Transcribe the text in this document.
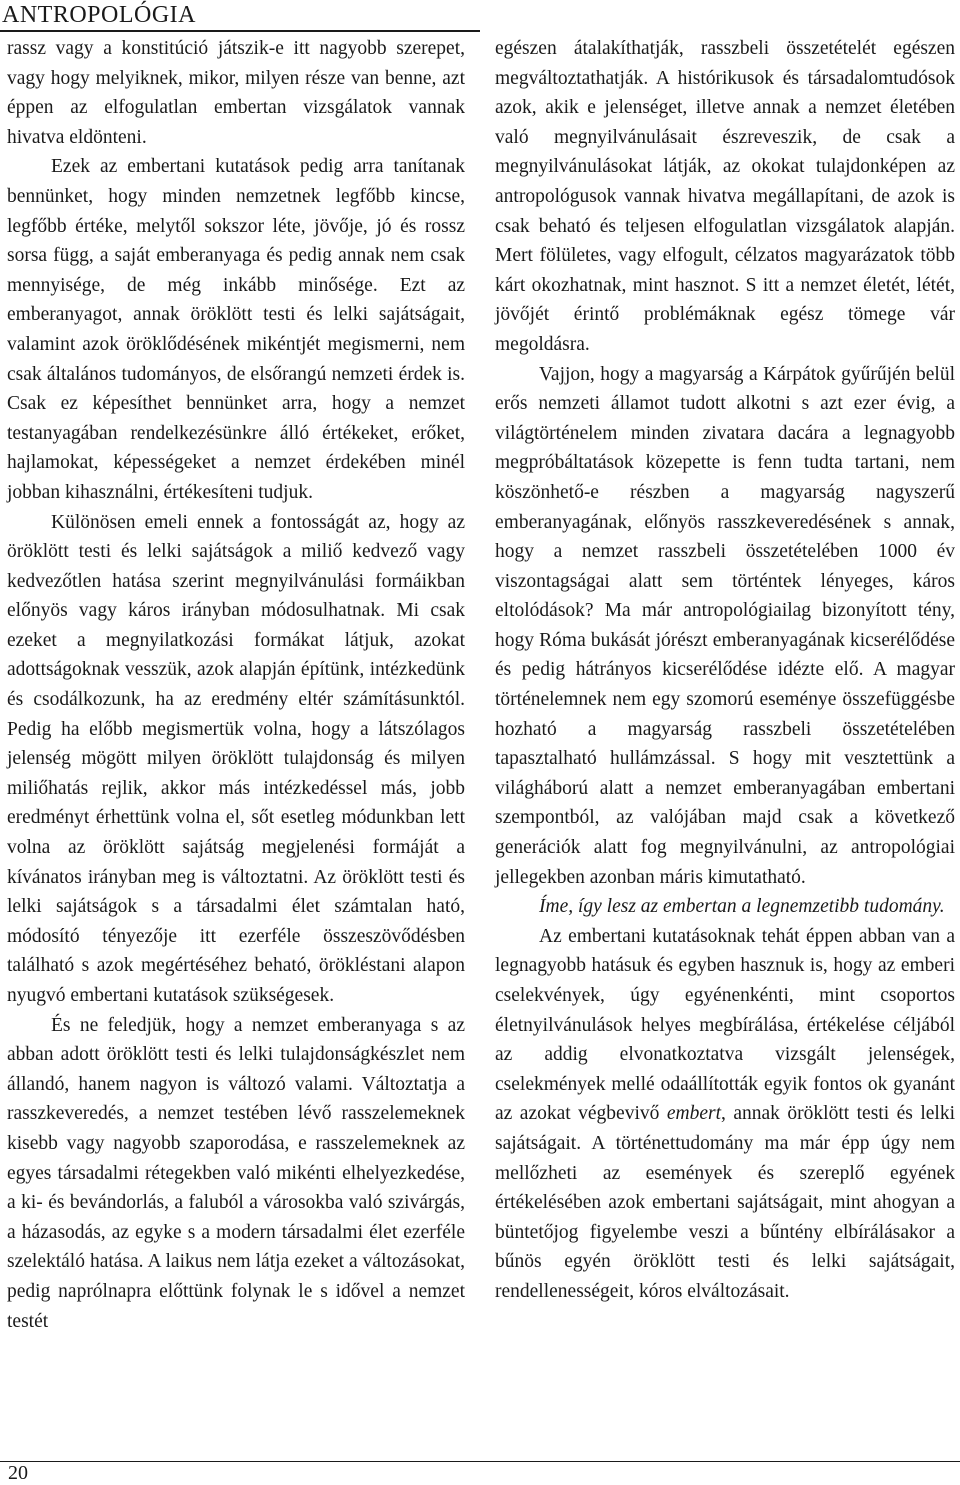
ANTROPOLÓGIA

rassz vagy a konstitúció játszik-e itt nagyobb szerepet, vagy hogy melyiknek, mikor, milyen része van benne, azt éppen az elfogulatlan embertan vizsgálatok vannak hivatva eldönteni.

Ezek az embertani kutatások pedig arra tanítanak bennünket, hogy minden nemzetnek legfőbb kincse, legfőbb értéke, melytől sokszor léte, jövője, jó és rossz sorsa függ, a saját emberanyaga és pedig annak nem csak mennyisége, de még inkább minősége. Ezt az emberanyagot, annak öröklött testi és lelki sajátságait, valamint azok öröklődésének mikéntjét megismerni, nem csak általános tudományos, de elsőrangú nemzeti érdek is. Csak ez képesíthet bennünket arra, hogy a nemzet testanyagában rendelkezésünkre álló értékeket, erőket, hajlamokat, képességeket a nemzet érdekében minél jobban kihasználni, értékesíteni tudjuk.

Különösen emeli ennek a fontosságát az, hogy az öröklött testi és lelki sajátságok a miliő kedvező vagy kedvezőtlen hatása szerint megnyilvánulási formáikban előnyös vagy káros irányban módosulhatnak. Mi csak ezeket a megnyilatkozási formákat látjuk, azokat adottságoknak vesszük, azok alapján építünk, intézkedünk és csodálkozunk, ha az eredmény eltér számításunktól. Pedig ha előbb megismertük volna, hogy a látszólagos jelenség mögött milyen öröklött tulajdonság és milyen miliőhatás rejlik, akkor más intézkedéssel más, jobb eredményt érhettünk volna el, sőt esetleg módunkban lett volna az öröklött sajátság megjelenési formáját a kívánatos irányban meg is változtatni. Az öröklött testi és lelki sajátságok s a társadalmi élet számtalan ható, módosító tényezője itt ezerféle összeszövődésben található s azok megértéséhez beható, örökléstani alapon nyugvó embertani kutatások szükségesek.

És ne feledjük, hogy a nemzet emberanyaga s az abban adott öröklött testi és lelki tulajdonságkészlet nem állandó, hanem nagyon is változó valami. Változtatja a rasszkeveredés, a nemzet testében lévő rasszelemeknek kisebb vagy nagyobb szaporodása, e rasszelemeknek az egyes társadalmi rétegekben való mikénti elhelyezkedése, a ki- és bevándorlás, a faluból a városokba való szivárgás, a házasodás, az egyke s a modern társadalmi élet ezerféle szelektáló hatása. A laikus nem látja ezeket a változásokat, pedig naprólnapra előttünk folynak le s idővel a nemzet testét

egészen átalakíthatják, rasszbeli összetételét egészen megváltoztathatják. A histórikusok és társadalomtudósok azok, akik e jelenséget, illetve annak a nemzet életében való megnyilvánulásait észreveszik, de csak a megnyilvánulásokat látják, az okokat tulajdonképen az antropológusok vannak hivatva megállapítani, de azok is csak beható és teljesen elfogulatlan vizsgálatok alapján. Mert fölületes, vagy elfogult, célzatos magyarázatok több kárt okozhatnak, mint hasznot. S itt a nemzet életét, létét, jövőjét érintő problémáknak egész tömege vár megoldásra.

Vajjon, hogy a magyarság a Kárpátok gyűrűjén belül erős nemzeti államot tudott alkotni s azt ezer évig, a világtörténelem minden zivatara dacára a legnagyobb megpróbáltatások közepette is fenn tudta tartani, nem köszönhető-e részben a magyarság nagyszerű emberanyagának, előnyös rasszkeveredésének s annak, hogy a nemzet rasszbeli összetételében 1000 év viszontagságai alatt sem történtek lényeges, káros eltolódások? Ma már antropológiailag bizonyított tény, hogy Róma bukását jórészt emberanyagának kicserélődése és pedig hátrányos kicserélődése idézte elő. A magyar történelemnek nem egy szomorú eseménye összefüggésbe hozható a magyarság rasszbeli összetételében tapasztalható hullámzással. S hogy mit vesztettünk a világháború alatt a nemzet emberanyagában embertani szempontból, az valójában majd csak a következő generációk alatt fog megnyilvánulni, az antropológiai jellegekben azonban máris kimutatható.

Íme, így lesz az embertan a legnemzetibb tudomány.

Az embertani kutatásoknak tehát éppen abban van a legnagyobb hatásuk és egyben hasznuk is, hogy az emberi cselekvények, úgy egyénenkénti, mint csoportos életnyilvánulások helyes megbírálása, értékelése céljából az addig elvonatkoztatva vizsgált jelenségek, cselekmények mellé odaállították egyik fontos ok gyanánt az azokat végbevivő embert, annak öröklött testi és lelki sajátságait. A történettudomány ma már épp úgy nem mellőzheti az események és szereplő egyének értékelésében azok embertani sajátságait, mint ahogyan a büntetőjog figyelembe veszi a bűntény elbírálásakor a bűnös egyén öröklött testi és lelki sajátságait, rendellenességeit, kóros elváltozásait.

20
